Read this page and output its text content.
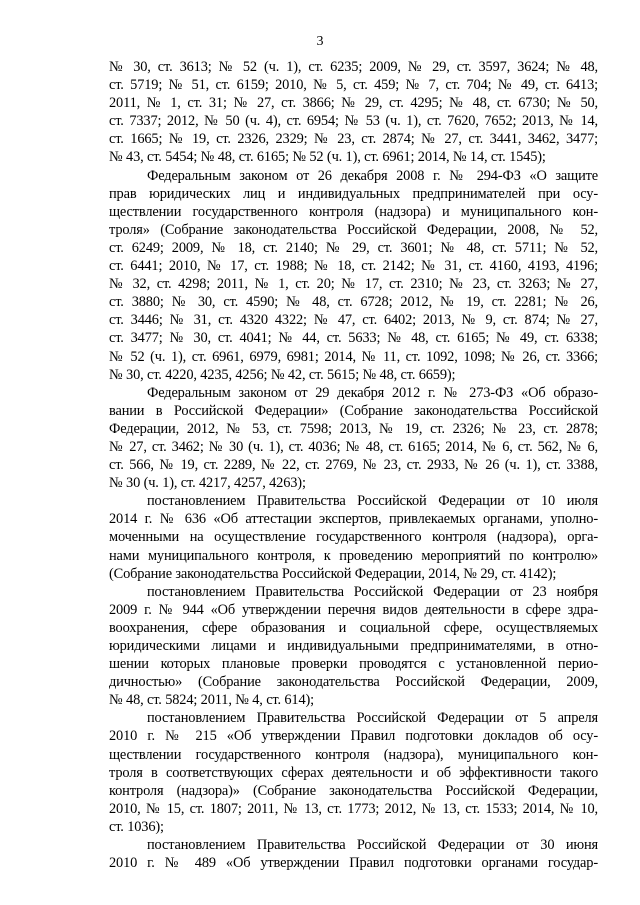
3
№ 30, ст. 3613; № 52 (ч. 1), ст. 6235; 2009, № 29, ст. 3597, 3624; № 48,
ст. 5719; № 51, ст. 6159; 2010, № 5, ст. 459; № 7, ст. 704; № 49, ст. 6413;
2011, № 1, ст. 31; № 27, ст. 3866; № 29, ст. 4295; № 48, ст. 6730; № 50,
ст. 7337; 2012, № 50 (ч. 4), ст. 6954; № 53 (ч. 1), ст. 7620, 7652; 2013, № 14,
ст. 1665; № 19, ст. 2326, 2329; № 23, ст. 2874; № 27, ст. 3441, 3462, 3477;
№ 43, ст. 5454; № 48, ст. 6165; № 52 (ч. 1), ст. 6961; 2014, № 14, ст. 1545);
Федеральным законом от 26 декабря 2008 г. № 294-ФЗ «О защите
прав юридических лиц и индивидуальных предпринимателей при осу-
ществлении государственного контроля (надзора) и муниципального кон-
троля» (Собрание законодательства Российской Федерации, 2008, № 52,
ст. 6249; 2009, № 18, ст. 2140; № 29, ст. 3601; № 48, ст. 5711; № 52,
ст. 6441; 2010, № 17, ст. 1988; № 18, ст. 2142; № 31, ст. 4160, 4193, 4196;
№ 32, ст. 4298; 2011, № 1, ст. 20; № 17, ст. 2310; № 23, ст. 3263; № 27,
ст. 3880; № 30, ст. 4590; № 48, ст. 6728; 2012, № 19, ст. 2281; № 26,
ст. 3446; № 31, ст. 4320 4322; № 47, ст. 6402; 2013, № 9, ст. 874; № 27,
ст. 3477; № 30, ст. 4041; № 44, ст. 5633; № 48, ст. 6165; № 49, ст. 6338;
№ 52 (ч. 1), ст. 6961, 6979, 6981; 2014, № 11, ст. 1092, 1098; № 26, ст. 3366;
№ 30, ст. 4220, 4235, 4256; № 42, ст. 5615; № 48, ст. 6659);
Федеральным законом от 29 декабря 2012 г. № 273-ФЗ «Об образо-
вании в Российской Федерации» (Собрание законодательства Российской
Федерации, 2012, № 53, ст. 7598; 2013, № 19, ст. 2326; № 23, ст. 2878;
№ 27, ст. 3462; № 30 (ч. 1), ст. 4036; № 48, ст. 6165; 2014, № 6, ст. 562, № 6,
ст. 566, № 19, ст. 2289, № 22, ст. 2769, № 23, ст. 2933, № 26 (ч. 1), ст. 3388,
№ 30 (ч. 1), ст. 4217, 4257, 4263);
постановлением Правительства Российской Федерации от 10 июля
2014 г. № 636 «Об аттестации экспертов, привлекаемых органами, уполно-
моченными на осуществление государственного контроля (надзора), орга-
нами муниципального контроля, к проведению мероприятий по контролю»
(Собрание законодательства Российской Федерации, 2014, № 29, ст. 4142);
постановлением Правительства Российской Федерации от 23 ноября
2009 г. № 944 «Об утверждении перечня видов деятельности в сфере здра-
воохранения, сфере образования и социальной сфере, осуществляемых
юридическими лицами и индивидуальными предпринимателями, в отно-
шении которых плановые проверки проводятся с установленной перио-
дичностью» (Собрание законодательства Российской Федерации, 2009,
№ 48, ст. 5824; 2011, № 4, ст. 614);
постановлением Правительства Российской Федерации от 5 апреля
2010 г. № 215 «Об утверждении Правил подготовки докладов об осу-
ществлении государственного контроля (надзора), муниципального кон-
троля в соответствующих сферах деятельности и об эффективности такого
контроля (надзора)» (Собрание законодательства Российской Федерации,
2010, № 15, ст. 1807; 2011, № 13, ст. 1773; 2012, № 13, ст. 1533; 2014, № 10,
ст. 1036);
постановлением Правительства Российской Федерации от 30 июня
2010 г. № 489 «Об утверждении Правил подготовки органами государ-
